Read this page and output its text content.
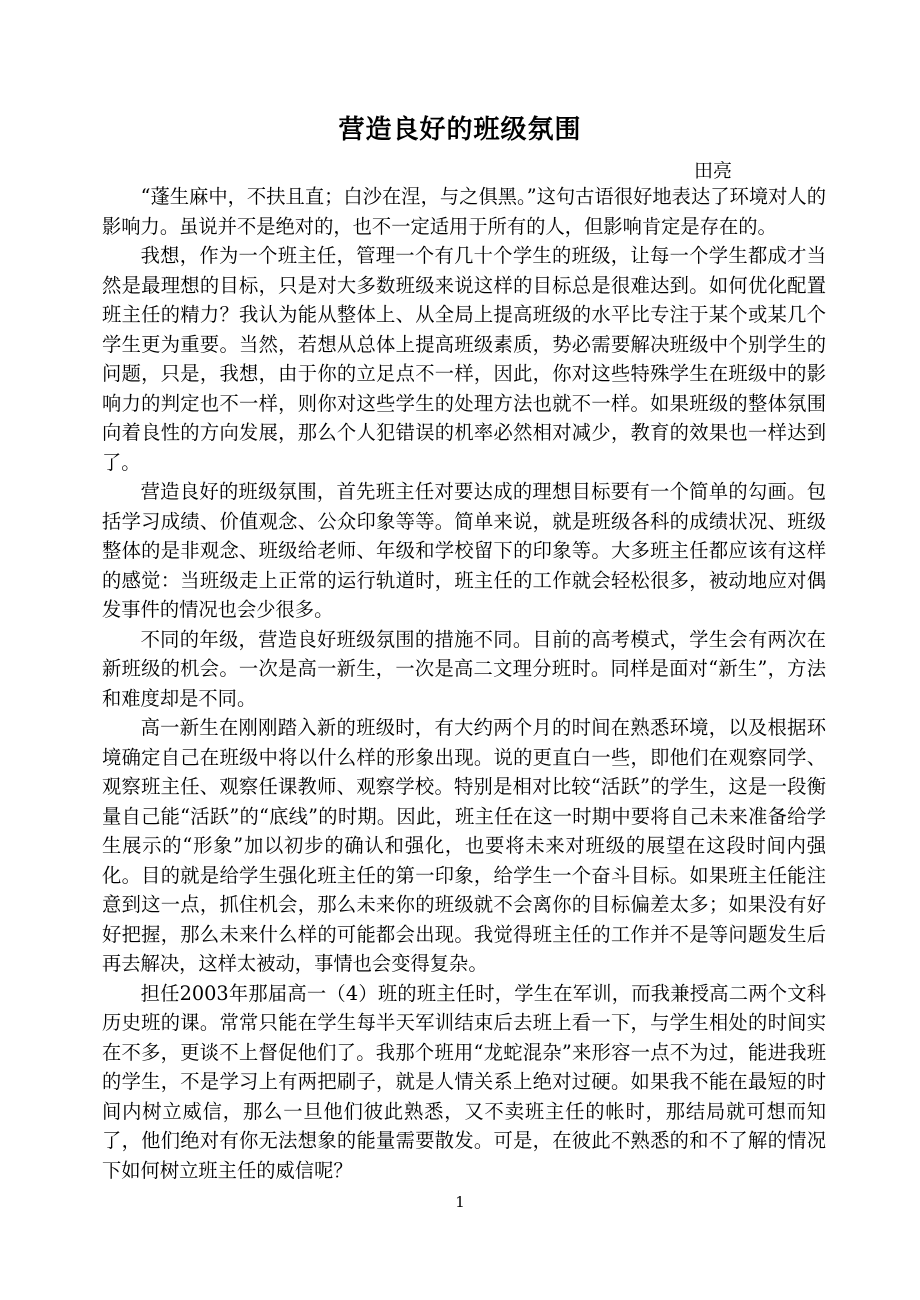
营造良好的班级氛围
田亮

“蓬生麻中，不扶且直；白沙在涅，与之俱黑。”这句古语很好地表达了环境对人的影响力。虽说并不是绝对的，也不一定适用于所有的人，但影响肯定是存在的。

我想，作为一个班主任，管理一个有几十个学生的班级，让每一个学生都成才当然是最理想的目标，只是对大多数班级来说这样的目标总是很难达到。如何优化配置班主任的精力？我认为能从整体上、从全局上提高班级的水平比专注于某个或某几个学生更为重要。当然，若想从总体上提高班级素质，势必需要解决班级中个别学生的问题，只是，我想，由于你的立足点不一样，因此，你对这些特殊学生在班级中的影响力的判定也不一样，则你对这些学生的处理方法也就不一样。如果班级的整体氛围向着良性的方向发展，那么个人犯错误的机率必然相对减少，教育的效果也一样达到了。

营造良好的班级氛围，首先班主任对要达成的理想目标要有一个简单的勾画。包括学习成绩、价值观念、公众印象等等。简单来说，就是班级各科的成绩状况、班级整体的是非观念、班级给老师、年级和学校留下的印象等。大多班主任都应该有这样的感觉：当班级走上正常的运行轨道时，班主任的工作就会轻松很多，被动地应对偶发事件的情况也会少很多。

不同的年级，营造良好班级氛围的措施不同。目前的高考模式，学生会有两次在新班级的机会。一次是高一新生，一次是高二文理分班时。同样是面对“新生”，方法和难度却是不同。

高一新生在刚刚踏入新的班级时，有大约两个月的时间在熟悉环境，以及根据环境确定自己在班级中将以什么样的形象出现。说的更直白一些，即他们在观察同学、观察班主任、观察任课教师、观察学校。特别是相对比较“活跃”的学生，这是一段衡量自己能“活跃”的“底线”的时期。因此，班主任在这一时期中要将自己未来准备给学生展示的“形象”加以初步的确认和强化，也要将未来对班级的展望在这段时间内强化。目的就是给学生强化班主任的第一印象，给学生一个奋斗目标。如果班主任能注意到这一点，抓住机会，那么未来你的班级就不会离你的目标偏差太多；如果没有好好把握，那么未来什么样的可能都会出现。我觉得班主任的工作并不是等问题发生后再去解决，这样太被动，事情也会变得复杂。

担任2003年那届高一（4）班的班主任时，学生在军训，而我兼授高二两个文科历史班的课。常常只能在学生每半天军训结束后去班上看一下，与学生相处的时间实在不多，更谈不上督促他们了。我那个班用“龙蛇混杂”来形容一点不为过，能进我班的学生，不是学习上有两把刷子，就是人情关系上绝对过硬。如果我不能在最短的时间内树立威信，那么一旦他们彼此熟悉，又不卖班主任的帐时，那结局就可想而知了，他们绝对有你无法想象的能量需要散发。可是，在彼此不熟悉的和不了解的情况下如何树立班主任的威信呢？

1
